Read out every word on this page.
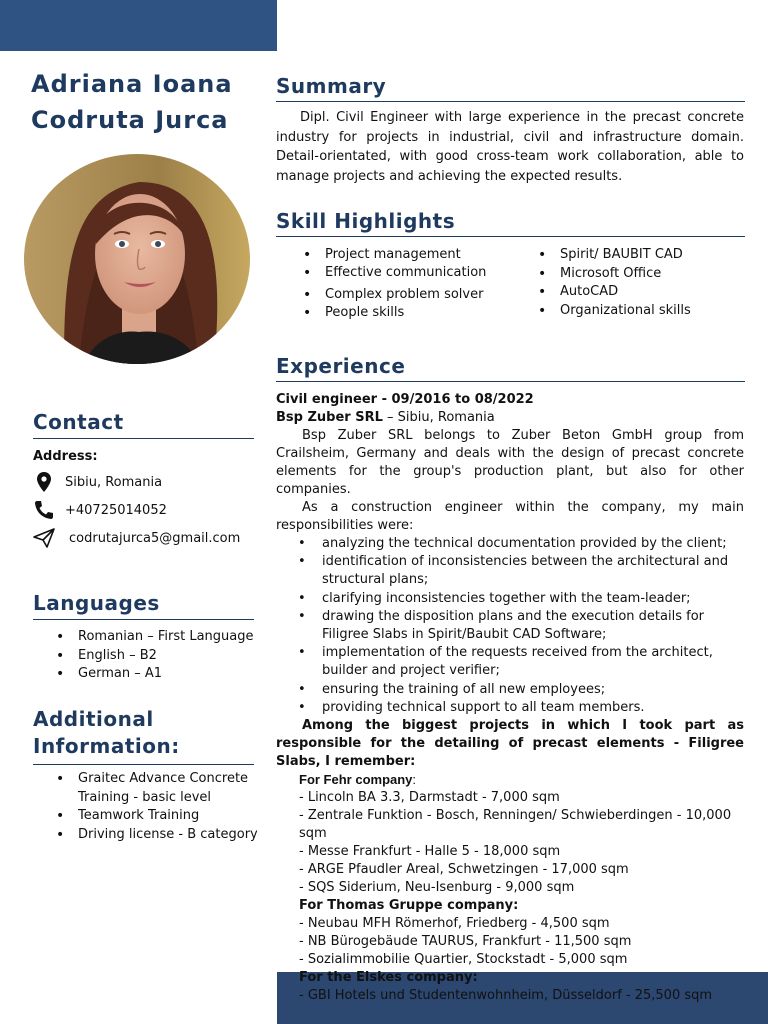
Adriana Ioana
Codruta Jurca
Contact
Address:
Sibiu, Romania
+40725014052
codrutajurca5@gmail.com
Languages
• Romanian – First Language
• English – B2
• German – A1
Additional
Information:
• Graitec Advance Concrete
Training - basic level
• Teamwork Training
• Driving license - B category
Summary

Dipl. Civil Engineer with large experience in the precast concrete industry for projects in industrial, civil and infrastructure domain. Detail-orientated, with good cross-team work collaboration, able to manage projects and achieving the expected results.

Skill Highlights
• Project management
• Effective communication
• Complex problem solver
• People skills
• Spirit/ BAUBIT CAD
• Microsoft Office
• AutoCAD
• Organizational skills
Experience

Civil engineer - 09/2016 to 08/2022

Bsp Zuber SRL – Sibiu, Romania

Bsp Zuber SRL belongs to Zuber Beton GmbH group from Crailsheim, Germany and deals with the design of precast concrete elements for the group's production plant, but also for other companies.

As a construction engineer within the company, my main responsibilities were:

• analyzing the technical documentation provided by the client;
• identification of inconsistencies between the architectural and structural plans;
• clarifying inconsistencies together with the team-leader;
• drawing the disposition plans and the execution details for Filigree Slabs in Spirit/Baubit CAD Software;
• implementation of the requests received from the architect, builder and project verifier;
• ensuring the training of all new employees;
• providing technical support to all team members.

Among the biggest projects in which I took part as responsible for the detailing of precast elements - Filigree Slabs, I remember:

For Fehr company:

- Lincoln BA 3.3, Darmstadt - 7,000 sqm

- Zentrale Funktion - Bosch, Renningen/ Schwieberdingen - 10,000 sqm

- Messe Frankfurt - Halle 5 - 18,000 sqm

- ARGE Pfaudler Areal, Schwetzingen - 17,000 sqm

- SQS Siderium, Neu-Isenburg - 9,000 sqm

For Thomas Gruppe company:

- Neubau MFH Römerhof, Friedberg - 4,500 sqm

- NB Bürogebäude TAURUS, Frankfurt - 11,500 sqm

- Sozialimmobilie Quartier, Stockstadt - 5,000 sqm

For the Elskes company:

- GBI Hotels und Studentenwohnheim, Düsseldorf - 25,500 sqm
